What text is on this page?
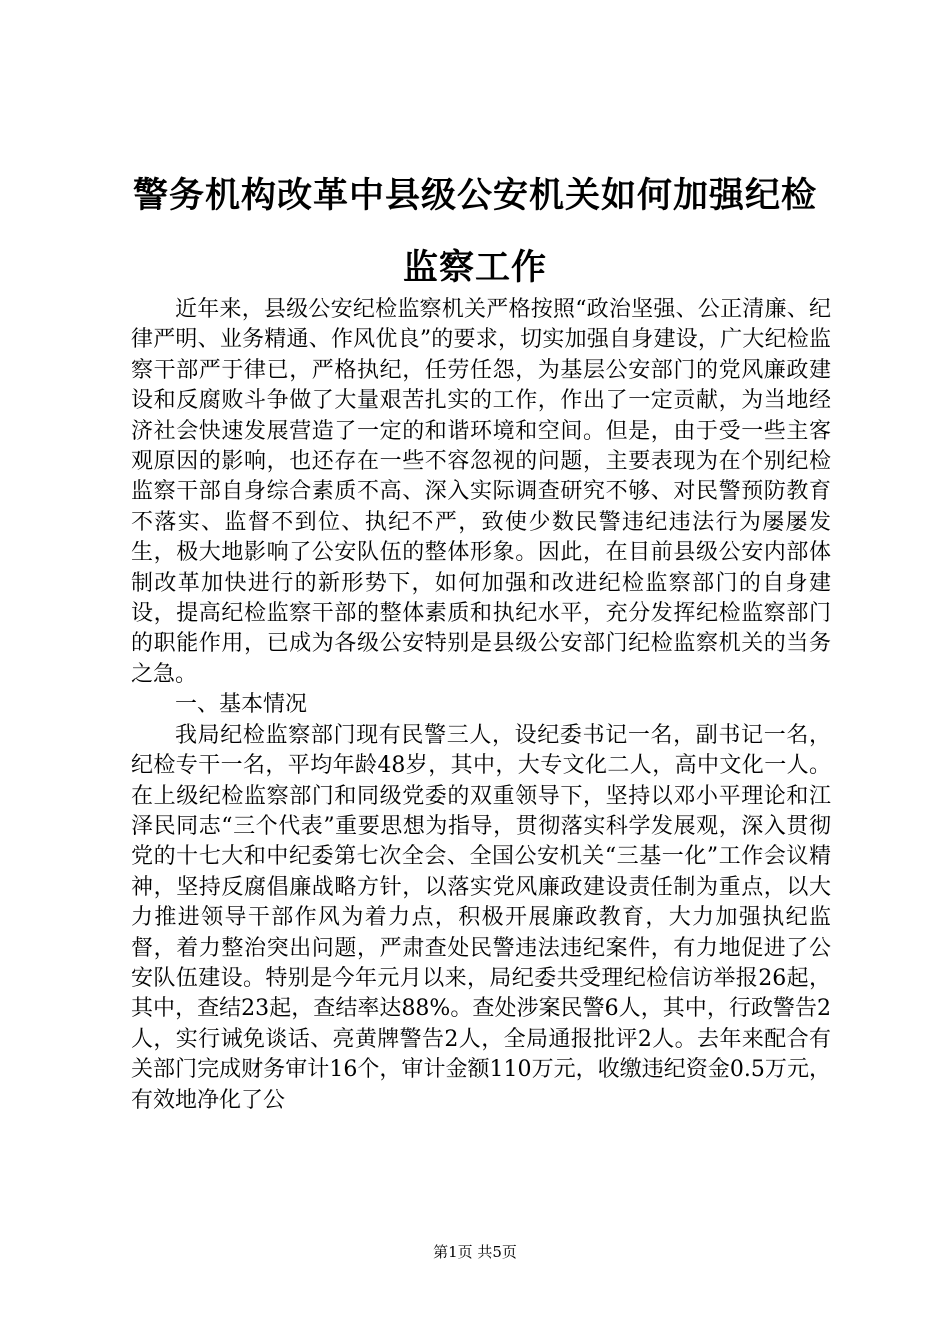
警务机构改革中县级公安机关如何加强纪检监察工作

近年来，县级公安纪检监察机关严格按照“政治坚强、公正清廉、纪律严明、业务精通、作风优良”的要求，切实加强自身建设，广大纪检监察干部严于律已，严格执纪，任劳任怨，为基层公安部门的党风廉政建设和反腐败斗争做了大量艰苦扎实的工作，作出了一定贡献，为当地经济社会快速发展营造了一定的和谐环境和空间。但是，由于受一些主客观原因的影响，也还存在一些不容忽视的问题，主要表现为在个别纪检监察干部自身综合素质不高、深入实际调查研究不够、对民警预防教育不落实、监督不到位、执纪不严，致使少数民警违纪违法行为屡屡发生，极大地影响了公安队伍的整体形象。因此，在目前县级公安内部体制改革加快进行的新形势下，如何加强和改进纪检监察部门的自身建设，提高纪检监察干部的整体素质和执纪水平，充分发挥纪检监察部门的职能作用，已成为各级公安特别是县级公安部门纪检监察机关的当务之急。

一、基本情况

我局纪检监察部门现有民警三人，设纪委书记一名，副书记一名，纪检专干一名，平均年龄48岁，其中，大专文化二人，高中文化一人。在上级纪检监察部门和同级党委的双重领导下，坚持以邓小平理论和江泽民同志“三个代表”重要思想为指导，贯彻落实科学发展观，深入贯彻党的十七大和中纪委第七次全会、全国公安机关“三基一化”工作会议精神，坚持反腐倡廉战略方针，以落实党风廉政建设责任制为重点，以大力推进领导干部作风为着力点，积极开展廉政教育，大力加强执纪监督，着力整治突出问题，严肃查处民警违法违纪案件，有力地促进了公安队伍建设。特别是今年元月以来，局纪委共受理纪检信访举报26起，其中，查结23起，查结率达88%。查处涉案民警6人，其中，行政警告2人，实行诫免谈话、亮黄牌警告2人，全局通报批评2人。去年来配合有关部门完成财务审计16个，审计金额110万元，收缴违纪资金0.5万元，有效地净化了公

第1页 共5页
